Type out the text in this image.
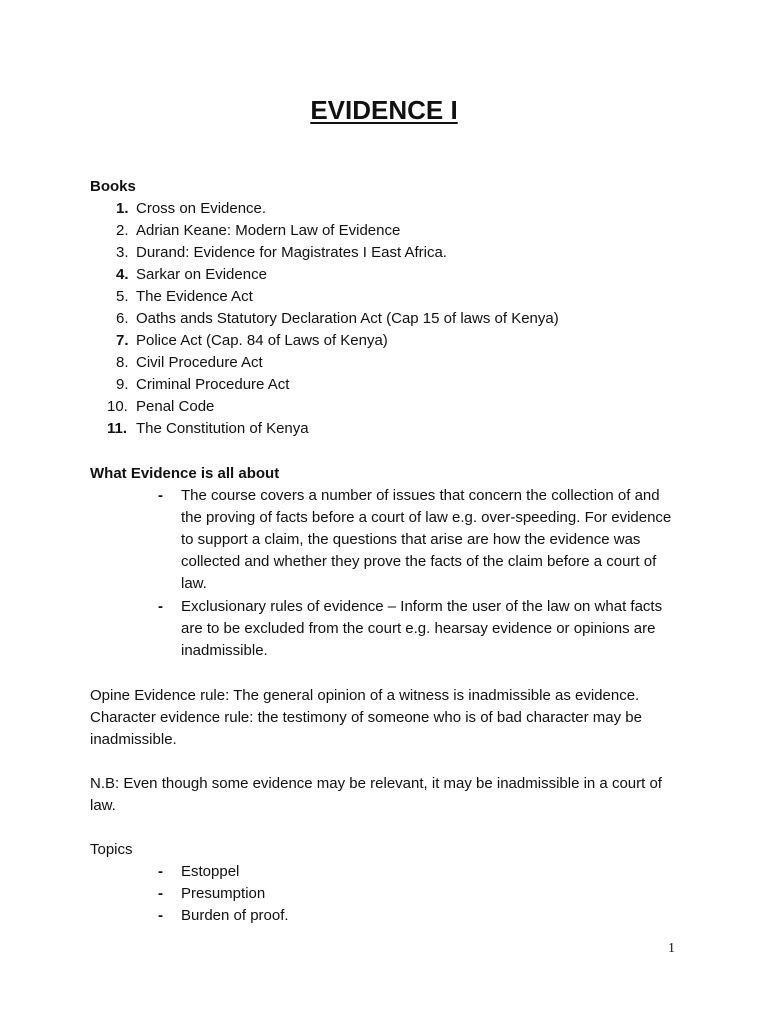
EVIDENCE I
Books
1. Cross on Evidence.
2. Adrian Keane: Modern Law of Evidence
3. Durand: Evidence for Magistrates I East Africa.
4. Sarkar on Evidence
5. The Evidence Act
6. Oaths ands Statutory Declaration Act (Cap 15 of laws of Kenya)
7. Police Act (Cap. 84 of Laws of Kenya)
8. Civil Procedure Act
9. Criminal Procedure Act
10. Penal Code
11. The Constitution of Kenya
What Evidence is all about
- The course covers a number of issues that concern the collection of and the proving of facts before a court of law e.g. over-speeding. For evidence to support a claim, the questions that arise are how the evidence was collected and whether they prove the facts of the claim before a court of law.
- Exclusionary rules of evidence – Inform the user of the law on what facts are to be excluded from the court e.g. hearsay evidence or opinions are inadmissible.
Opine Evidence rule: The general opinion of a witness is inadmissible as evidence. Character evidence rule: the testimony of someone who is of bad character may be inadmissible.
N.B: Even though some evidence may be relevant, it may be inadmissible in a court of law.
Topics
- Estoppel
- Presumption
- Burden of proof.
1
